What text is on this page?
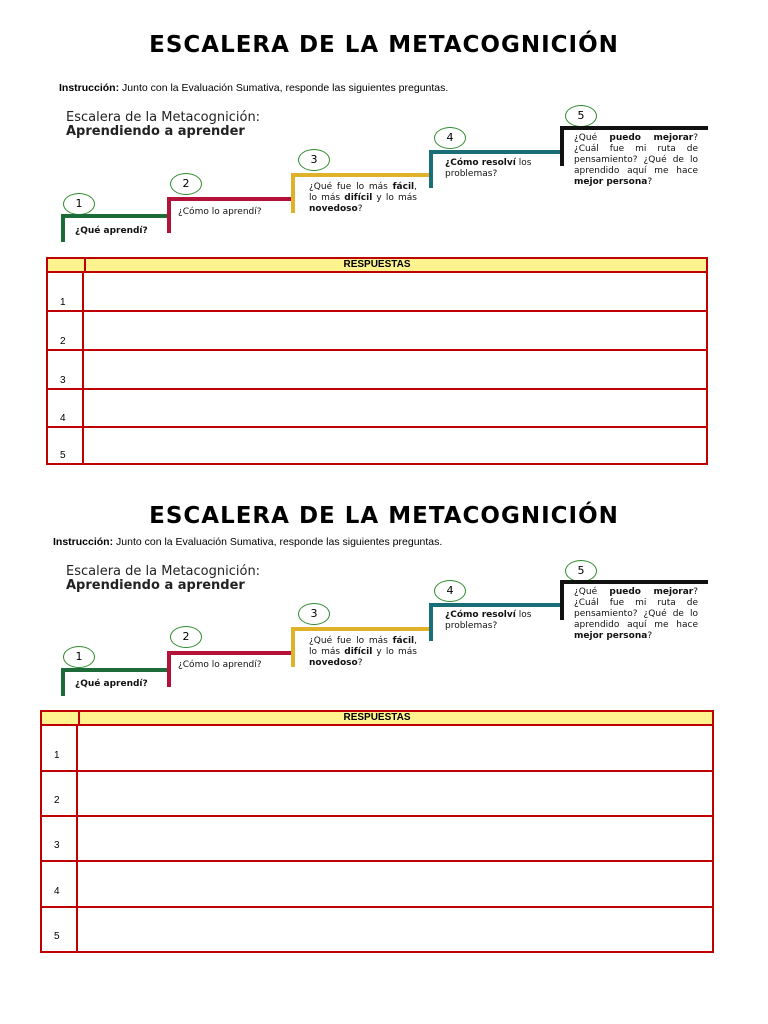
ESCALERA DE LA METACOGNICIÓN
Instrucción: Junto con la Evaluación Sumativa, responde las siguientes preguntas.
Escalera de la Metacognición:
Aprendiendo a aprender
1
¿Qué aprendí?
2
¿Cómo lo aprendí?
3
¿Qué fue lo más fácil, lo más difícil y lo más novedoso?
4
¿Cómo resolví los problemas?
5
¿Qué puedo mejorar? ¿Cuál fue mi ruta de pensamiento? ¿Qué de lo aprendido aquí me hace mejor persona?
RESPUESTAS
1
2
3
4
5
ESCALERA DE LA METACOGNICIÓN
Instrucción: Junto con la Evaluación Sumativa, responde las siguientes preguntas.
Escalera de la Metacognición:
Aprendiendo a aprender
1
¿Qué aprendí?
2
¿Cómo lo aprendí?
3
¿Qué fue lo más fácil, lo más difícil y lo más novedoso?
4
¿Cómo resolví los problemas?
5
¿Qué puedo mejorar? ¿Cuál fue mi ruta de pensamiento? ¿Qué de lo aprendido aquí me hace mejor persona?
RESPUESTAS
1
2
3
4
5
